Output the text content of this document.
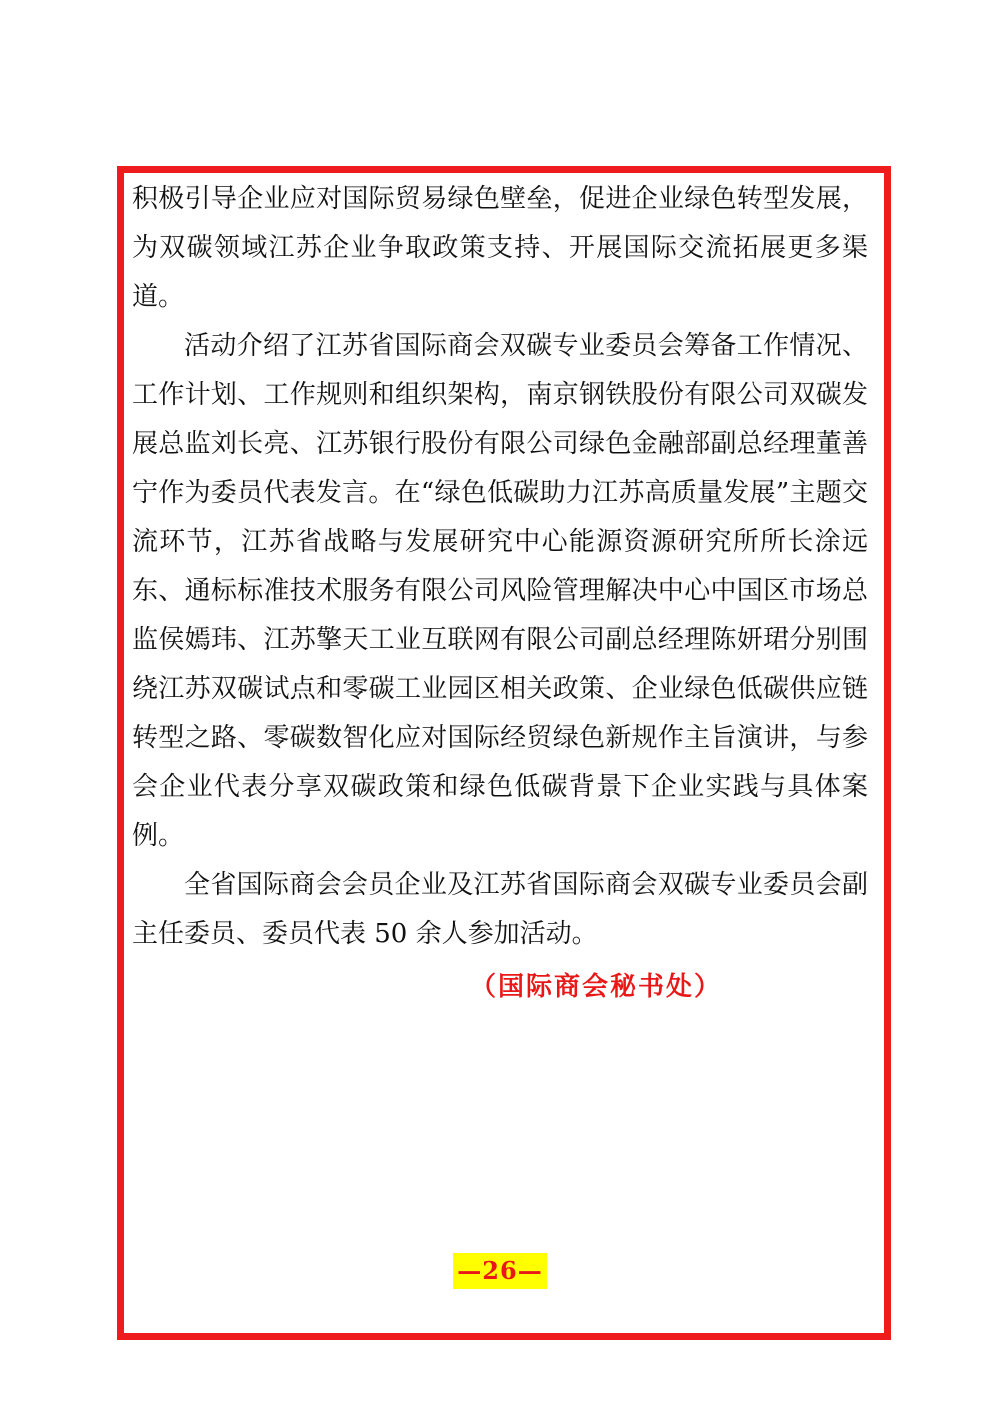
积极引导企业应对国际贸易绿色壁垒，促进企业绿色转型发展，为双碳领域江苏企业争取政策支持、开展国际交流拓展更多渠道。

活动介绍了江苏省国际商会双碳专业委员会筹备工作情况、工作计划、工作规则和组织架构，南京钢铁股份有限公司双碳发展总监刘长亮、江苏银行股份有限公司绿色金融部副总经理董善宁作为委员代表发言。在“绿色低碳助力江苏高质量发展”主题交流环节，江苏省战略与发展研究中心能源资源研究所所长涂远东、通标标准技术服务有限公司风险管理解决中心中国区市场总监侯嫣玮、江苏擎天工业互联网有限公司副总经理陈妍珺分别围绕江苏双碳试点和零碳工业园区相关政策、企业绿色低碳供应链转型之路、零碳数智化应对国际经贸绿色新规作主旨演讲，与参会企业代表分享双碳政策和绿色低碳背景下企业实践与具体案例。

全省国际商会会员企业及江苏省国际商会双碳专业委员会副主任委员、委员代表 50 余人参加活动。

（国际商会秘书处）

—26—
